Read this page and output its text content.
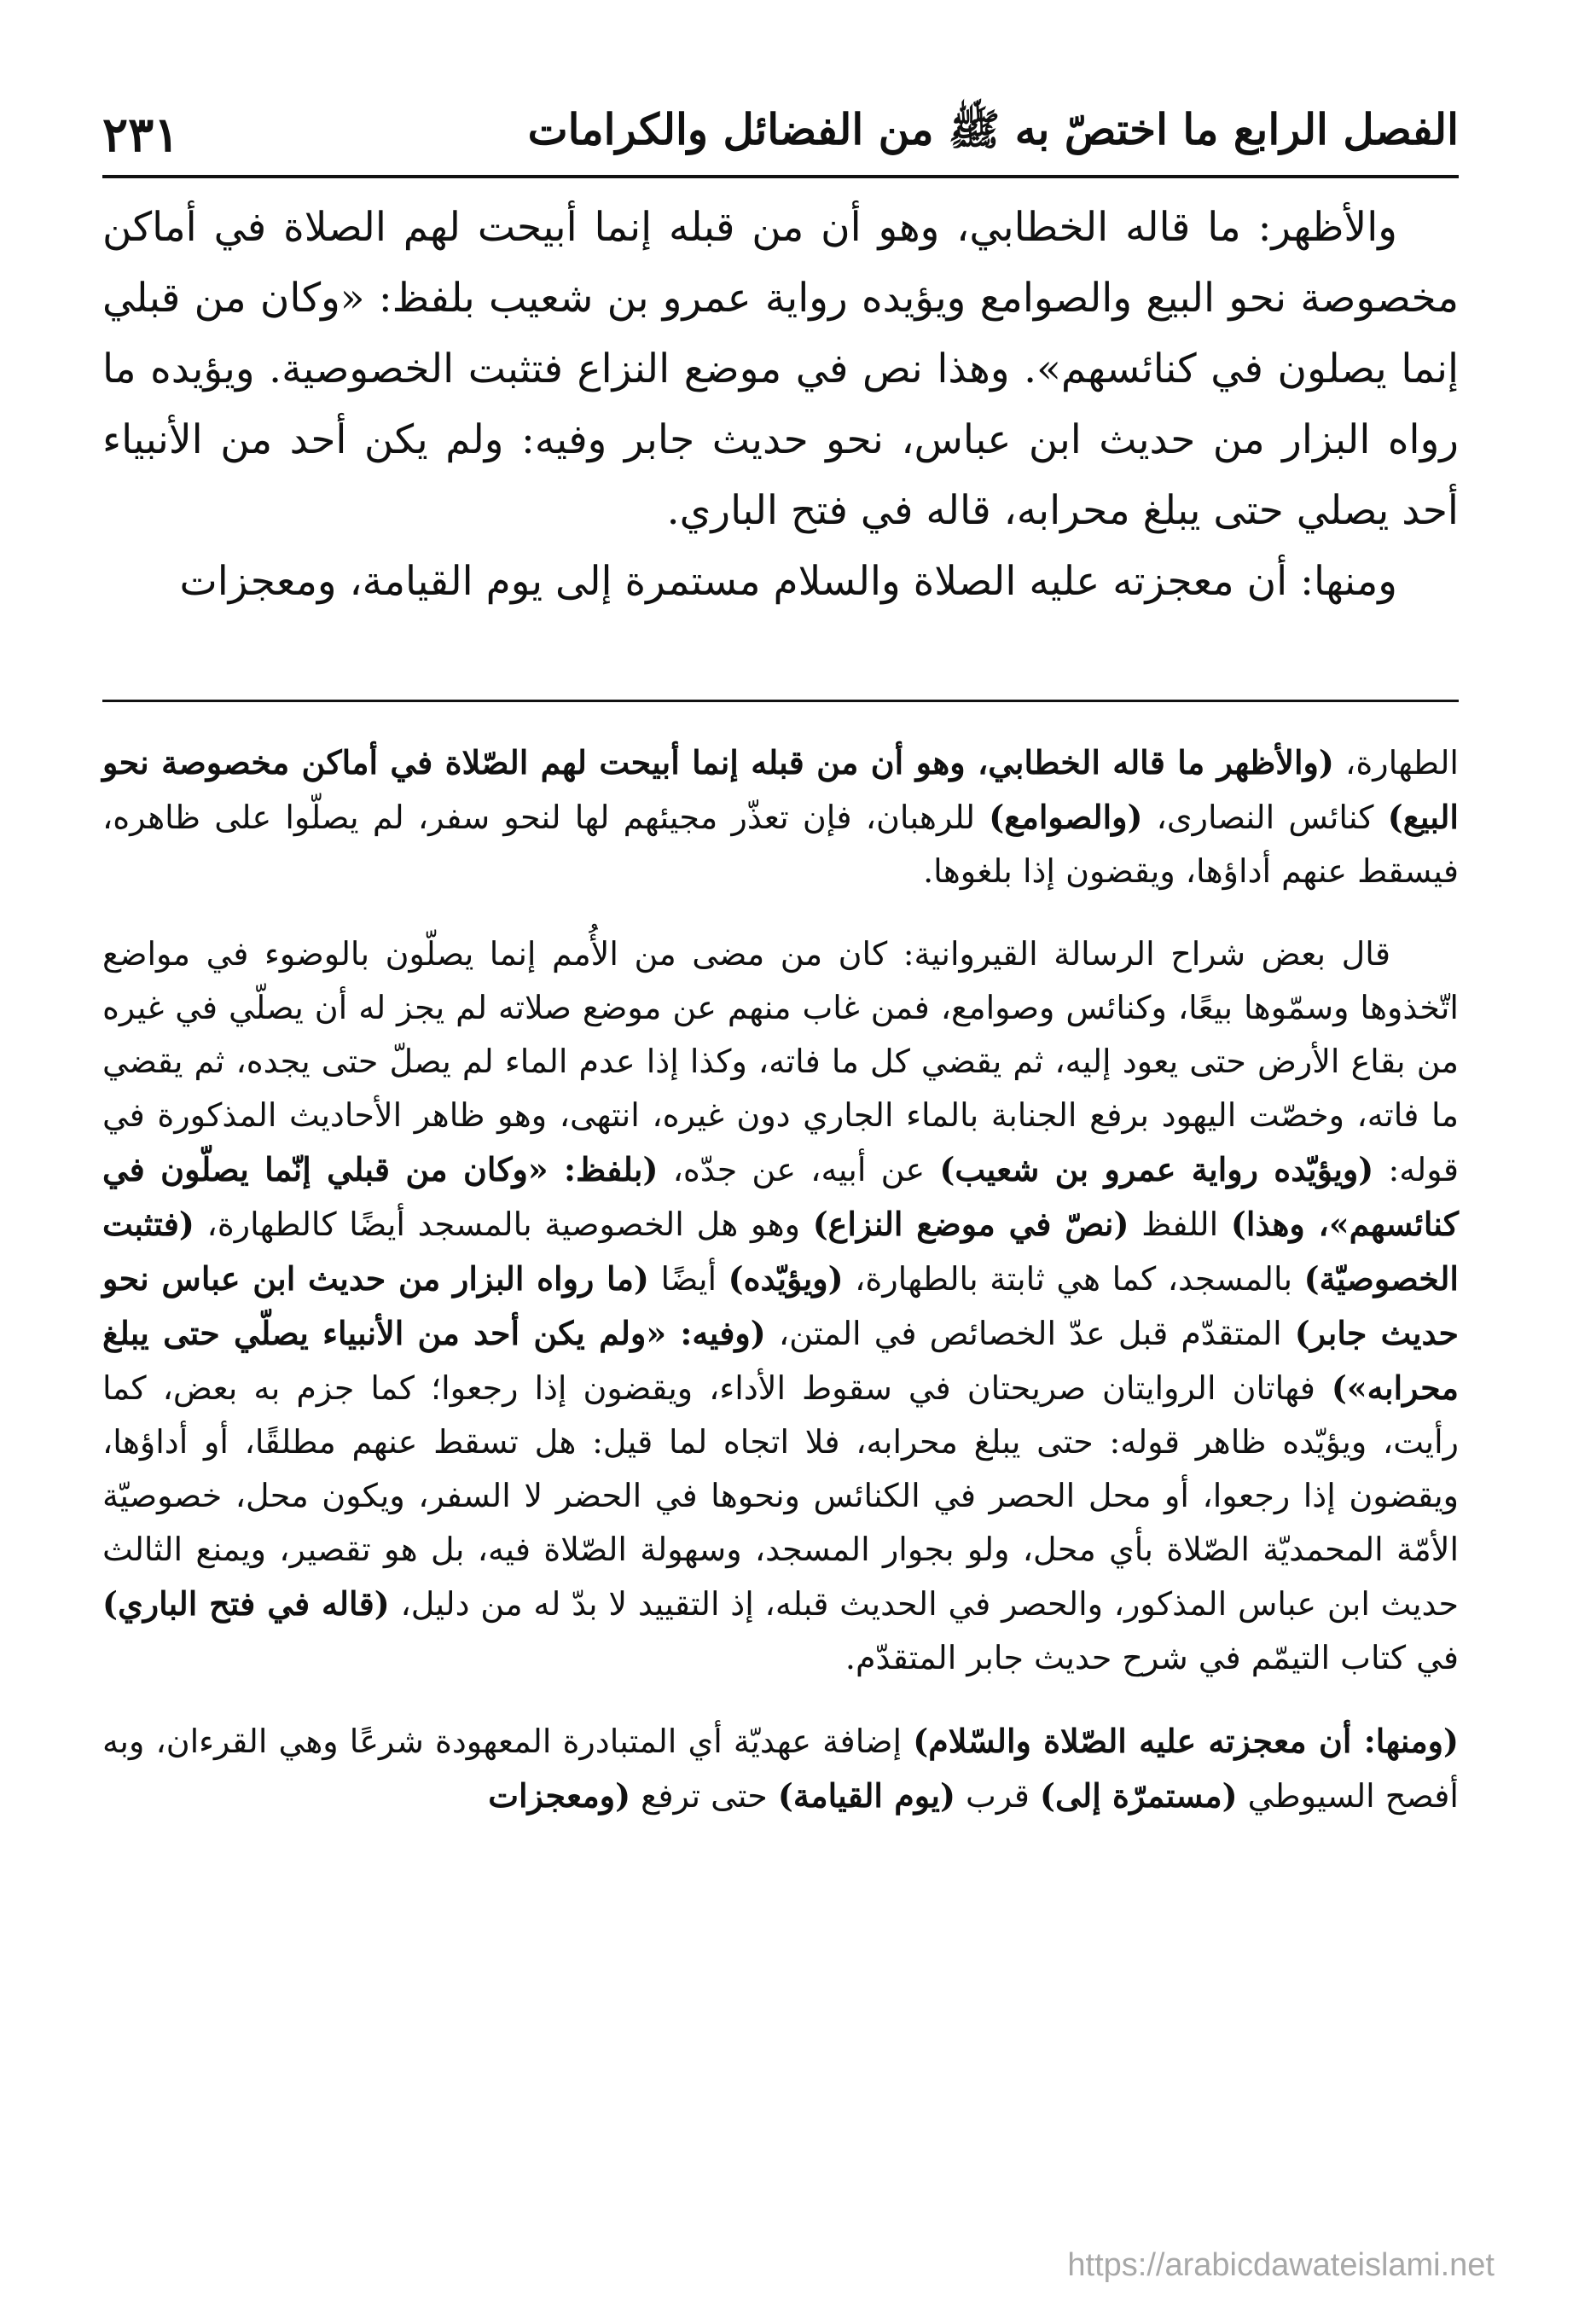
الفصل الرابع ما اختصّ به ﷺ من الفضائل والكرامات
٢٣١

والأظهر: ما قاله الخطابي، وهو أن من قبله إنما أبيحت لهم الصلاة في أماكن مخصوصة نحو البيع والصوامع ويؤيده رواية عمرو بن شعيب بلفظ: «وكان من قبلي إنما يصلون في كنائسهم». وهذا نص في موضع النزاع فتثبت الخصوصية. ويؤيده ما رواه البزار من حديث ابن عباس، نحو حديث جابر وفيه: ولم يكن أحد من الأنبياء أحد يصلي حتى يبلغ محرابه، قاله في فتح الباري.

ومنها: أن معجزته عليه الصلاة والسلام مستمرة إلى يوم القيامة، ومعجزات

الطهارة، (والأظهر ما قاله الخطابي، وهو أن من قبله إنما أبيحت لهم الصّلاة في أماكن مخصوصة نحو البيع) كنائس النصارى، (والصوامع) للرهبان، فإن تعذّر مجيئهم لها لنحو سفر، لم يصلّوا على ظاهره، فيسقط عنهم أداؤها، ويقضون إذا بلغوها.

قال بعض شراح الرسالة القيروانية: كان من مضى من الأُمم إنما يصلّون بالوضوء في مواضع اتّخذوها وسمّوها بيعًا، وكنائس وصوامع، فمن غاب منهم عن موضع صلاته لم يجز له أن يصلّي في غيره من بقاع الأرض حتى يعود إليه، ثم يقضي كل ما فاته، وكذا إذا عدم الماء لم يصلّ حتى يجده، ثم يقضي ما فاته، وخصّت اليهود برفع الجنابة بالماء الجاري دون غيره، انتهى، وهو ظاهر الأحاديث المذكورة في قوله: (ويؤيّده رواية عمرو بن شعيب) عن أبيه، عن جدّه، (بلفظ: «وكان من قبلي إنّما يصلّون في كنائسهم»، وهذا) اللفظ (نصّ في موضع النزاع) وهو هل الخصوصية بالمسجد أيضًا كالطهارة، (فتثبت الخصوصيّة) بالمسجد، كما هي ثابتة بالطهارة، (ويؤيّده) أيضًا (ما رواه البزار من حديث ابن عباس نحو حديث جابر) المتقدّم قبل عدّ الخصائص في المتن، (وفيه: «ولم يكن أحد من الأنبياء يصلّي حتى يبلغ محرابه») فهاتان الروايتان صريحتان في سقوط الأداء، ويقضون إذا رجعوا؛ كما جزم به بعض، كما رأيت، ويؤيّده ظاهر قوله: حتى يبلغ محرابه، فلا اتجاه لما قيل: هل تسقط عنهم مطلقًا، أو أداؤها، ويقضون إذا رجعوا، أو محل الحصر في الكنائس ونحوها في الحضر لا السفر، ويكون محل، خصوصيّة الأمّة المحمديّة الصّلاة بأي محل، ولو بجوار المسجد، وسهولة الصّلاة فيه، بل هو تقصير، ويمنع الثالث حديث ابن عباس المذكور، والحصر في الحديث قبله، إذ التقييد لا بدّ له من دليل، (قاله في فتح الباري) في كتاب التيمّم في شرح حديث جابر المتقدّم.

(ومنها: أن معجزته عليه الصّلاة والسّلام) إضافة عهديّة أي المتبادرة المعهودة شرعًا وهي القرءان، وبه أفصح السيوطي (مستمرّة إلى) قرب (يوم القيامة) حتى ترفع (ومعجزات

https://arabicdawateislami.net
